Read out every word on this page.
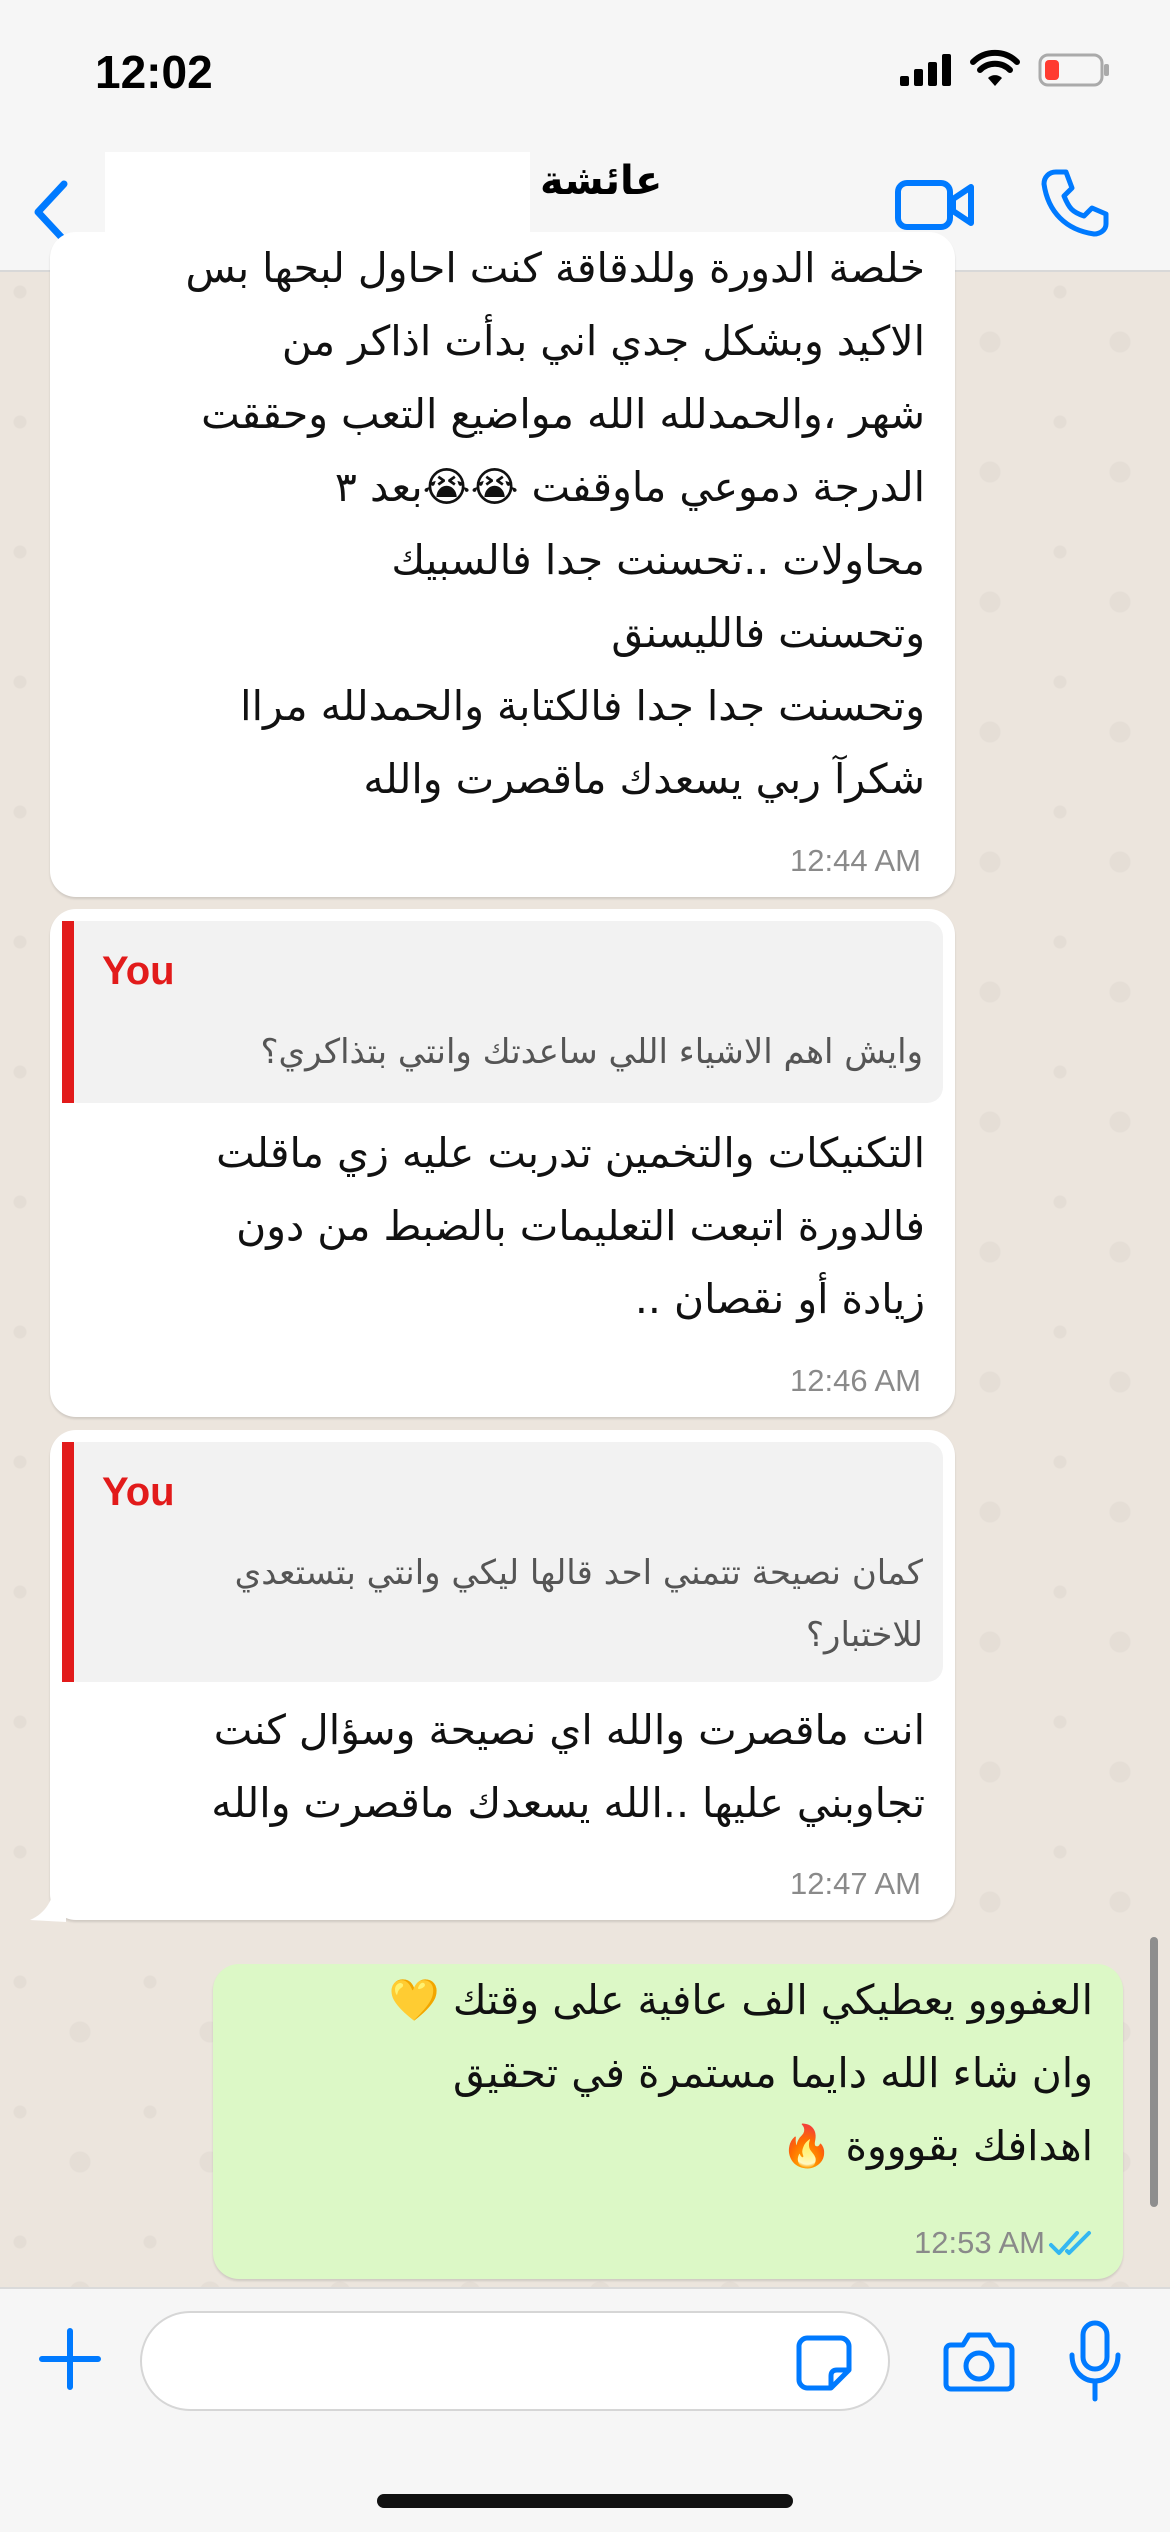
12:02
عائشة
خلصة الدورة وللدقاقة كنت احاول لبحها بس
الاكيد وبشكل جدي اني بدأت اذاكر من
شهر ،والحمدلله الله مواضيع التعب وحققت
الدرجة دموعي ماوقفت 😭😭بعد ٣
محاولات ..تحسنت جدا فالسبيك
وتحسنت فالليسنق
وتحسنت جدا جدا فالكتابة والحمدلله مراا
شكرآ ربي يسعدك ماقصرت والله
12:44 AM
You
وايش اهم الاشياء اللي ساعدتك وانتي بتذاكري؟
التكنيكات والتخمين تدربت عليه زي ماقلت
فالدورة اتبعت التعليمات بالضبط من دون
زيادة أو نقصان ..
12:46 AM
You
كمان نصيحة تتمني احد قالها ليكي وانتي بتستعدي
للاختبار؟
انت ماقصرت والله اي نصيحة وسؤال كنت
تجاوبني عليها ..الله يسعدك ماقصرت والله
12:47 AM
العفووو يعطيكي الف عافية على وقتك 💛
وان شاء الله دايما مستمرة في تحقيق
اهدافك بقوووة 🔥
12:53 AM
